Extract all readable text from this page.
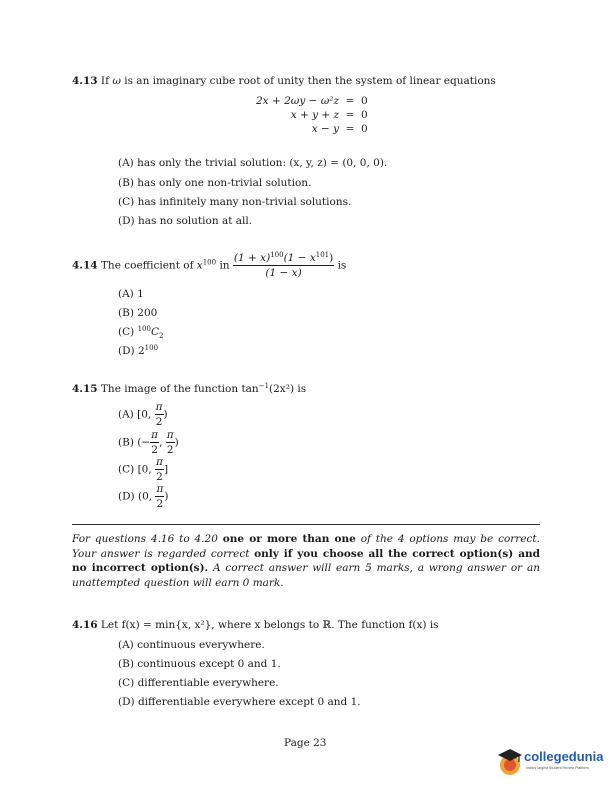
4.13 If ω is an imaginary cube root of unity then the system of linear equations
2x + 2ωy − ω²z	=	0
x + y + z	=	0
x − y	=	0
(A) has only the trivial solution: (x, y, z) = (0, 0, 0).
(B) has only one non-trivial solution.
(C) has infinitely many non-trivial solutions.
(D) has no solution at all.
4.14 The coefficient of $x^{100}$ in $\frac{(1 + x)^{100}(1 - x^{101})}{(1 - x)}$ is
(A) 1
(B) 200
(C) $^{100}C_2$
(D) $2^{100}$
4.15 The image of the function $\tan^{-1}(2x^2)$ is
(A) [0, $\frac{\pi}{2}$ )
(B) (− $\frac{\pi}{2}$ , $\frac{\pi}{2}$ )
(C) [0, $\frac{\pi}{2}$ ]
(D) (0, $\frac{\pi}{2}$ )
For questions 4.16 to 4.20 one or more than one of the 4 options may be correct. Your answer is regarded correct only if you choose all the correct option(s) and no incorrect option(s). A correct answer will earn 5 marks, a wrong answer or an unattempted question will earn 0 mark.
4.16 Let f(x) = min{x, x²}, where x belongs to ℝ. The function f(x) is
(A) continuous everywhere.
(B) continuous except 0 and 1.
(C) differentiable everywhere.
(D) differentiable everywhere except 0 and 1.
Page 23
collegedunia
India's largest Student Review Platform
